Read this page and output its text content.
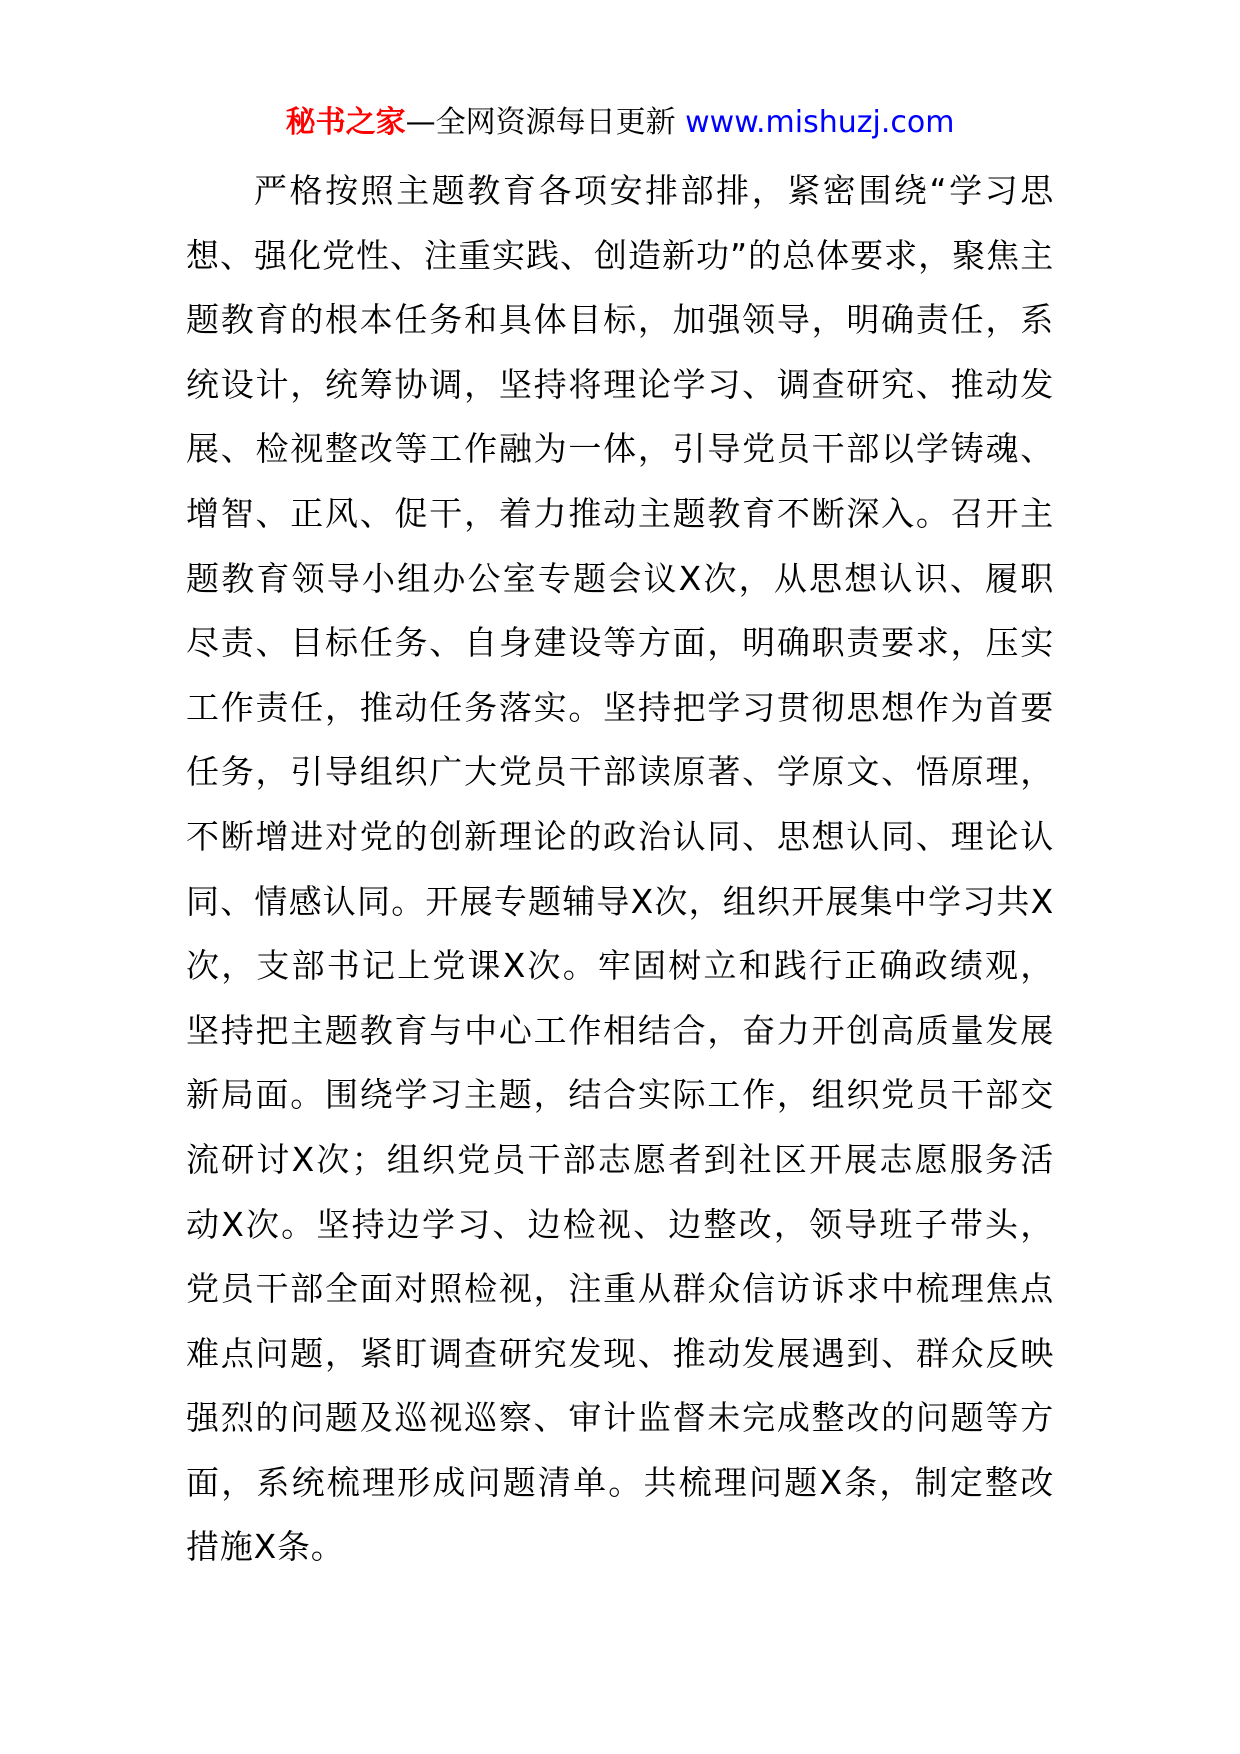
秘书之家—全网资源每日更新 www.mishuzj.com

严格按照主题教育各项安排部排，紧密围绕“学习思想、强化党性、注重实践、创造新功”的总体要求，聚焦主题教育的根本任务和具体目标，加强领导，明确责任，系统设计，统筹协调，坚持将理论学习、调查研究、推动发展、检视整改等工作融为一体，引导党员干部以学铸魂、增智、正风、促干，着力推动主题教育不断深入。召开主题教育领导小组办公室专题会议X次，从思想认识、履职尽责、目标任务、自身建设等方面，明确职责要求，压实工作责任，推动任务落实。坚持把学习贯彻思想作为首要任务，引导组织广大党员干部读原著、学原文、悟原理，不断增进对党的创新理论的政治认同、思想认同、理论认同、情感认同。开展专题辅导X次，组织开展集中学习共X次，支部书记上党课X次。牢固树立和践行正确政绩观，坚持把主题教育与中心工作相结合，奋力开创高质量发展新局面。围绕学习主题，结合实际工作，组织党员干部交流研讨X次；组织党员干部志愿者到社区开展志愿服务活动X次。坚持边学习、边检视、边整改，领导班子带头，党员干部全面对照检视，注重从群众信访诉求中梳理焦点难点问题，紧盯调查研究发现、推动发展遇到、群众反映强烈的问题及巡视巡察、审计监督未完成整改的问题等方面，系统梳理形成问题清单。共梳理问题X条，制定整改措施X条。
